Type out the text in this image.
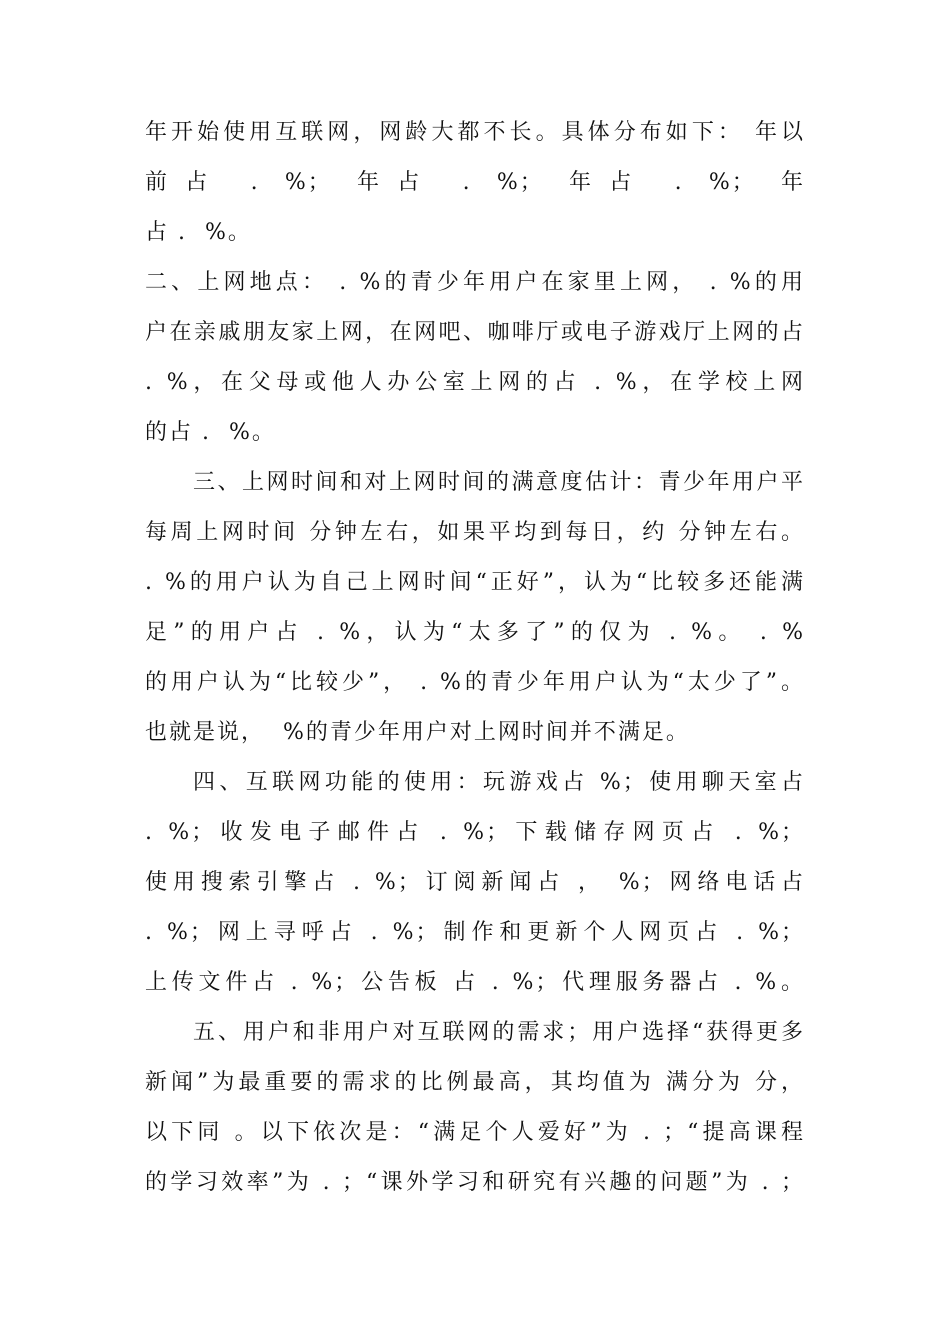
年开始使用互联网，网龄大都不长。具体分布如下： 年以
前占 . %； 年占 . %； 年占 . %； 年
占 .  %。
二、上网地点： . %的青少年用户在家里上网， . %的用
户在亲戚朋友家上网，在网吧、咖啡厅或电子游戏厅上网的占
. %，在父母或他人办公室上网的占 . %，在学校上网
的占 .  %。
三、上网时间和对上网时间的满意度估计：青少年用户平
每周上网时间 分钟左右，如果平均到每日，约 分钟左右。
. %的用户认为自己上网时间“正好”，认为“比较多还能满
足”的用户占 . %，认为“太多了”的仅为 . %。 . %
的用户认为“比较少”， . %的青少年用户认为“太少了”。
也就是说，  %的青少年用户对上网时间并不满足。
四、互联网功能的使用：玩游戏占 %；使用聊天室占
. %；收发电子邮件占 . %；下载储存网页占 . %；
使用搜索引擎占 . %；订阅新闻占 ， %；网络电话占
. %；网上寻呼占 . %；制作和更新个人网页占 . %；
上传文件占 . %；公告板 占 . %；代理服务器占 . %。
五、用户和非用户对互联网的需求；用户选择“获得更多
新闻”为最重要的需求的比例最高，其均值为 满分为 分，
以下同 。以下依次是：“满足个人爱好”为 . ；“提高课程
的学习效率”为 . ；“课外学习和研究有兴趣的问题”为 . ；
